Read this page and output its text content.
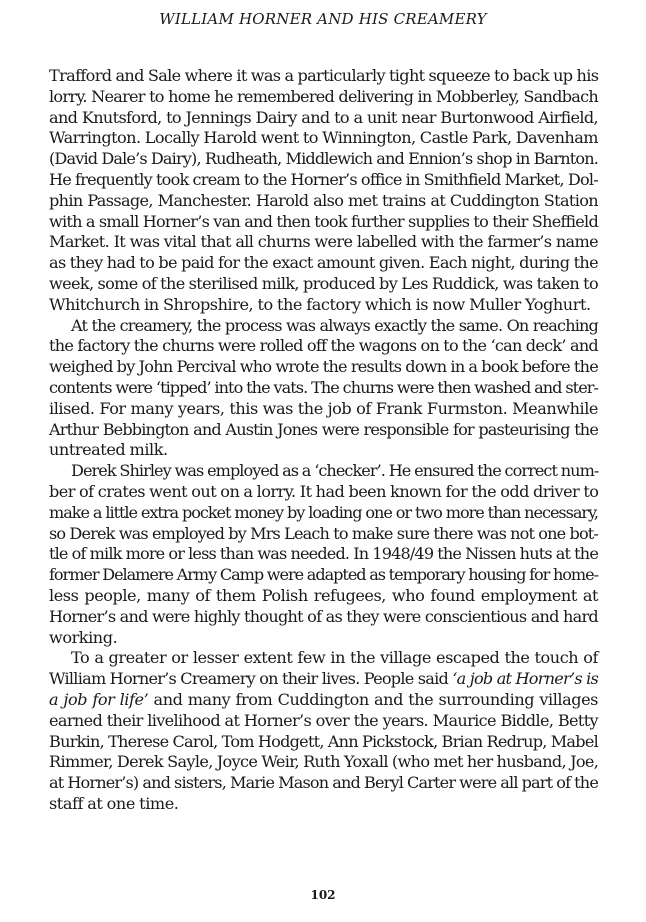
WILLIAM HORNER AND HIS CREAMERY
Trafford and Sale where it was a particularly tight squeeze to back up his
lorry. Nearer to home he remembered delivering in Mobberley, Sandbach
and Knutsford, to Jennings Dairy and to a unit near Burtonwood Airfield,
Warrington. Locally Harold went to Winnington, Castle Park, Davenham
(David Dale’s Dairy), Rudheath, Middlewich and Ennion’s shop in Barnton.
He frequently took cream to the Horner’s office in Smithfield Market, Dol-
phin Passage, Manchester. Harold also met trains at Cuddington Station
with a small Horner’s van and then took further supplies to their Sheffield
Market. It was vital that all churns were labelled with the farmer’s name
as they had to be paid for the exact amount given. Each night, during the
week, some of the sterilised milk, produced by Les Ruddick, was taken to
Whitchurch in Shropshire, to the factory which is now Muller Yoghurt.
At the creamery, the process was always exactly the same. On reaching
the factory the churns were rolled off the wagons on to the ‘can deck’ and
weighed by John Percival who wrote the results down in a book before the
contents were ‘tipped’ into the vats. The churns were then washed and ster-
ilised. For many years, this was the job of Frank Furmston. Meanwhile
Arthur Bebbington and Austin Jones were responsible for pasteurising the
untreated milk.
Derek Shirley was employed as a ‘checker’. He ensured the correct num-
ber of crates went out on a lorry. It had been known for the odd driver to
make a little extra pocket money by loading one or two more than necessary,
so Derek was employed by Mrs Leach to make sure there was not one bot-
tle of milk more or less than was needed. In 1948/49 the Nissen huts at the
former Delamere Army Camp were adapted as temporary housing for home-
less people, many of them Polish refugees, who found employment at
Horner’s and were highly thought of as they were conscientious and hard
working.
To a greater or lesser extent few in the village escaped the touch of
William Horner’s Creamery on their lives. People said ‘a job at Horner’s is
a job for life’ and many from Cuddington and the surrounding villages
earned their livelihood at Horner’s over the years. Maurice Biddle, Betty
Burkin, Therese Carol, Tom Hodgett, Ann Pickstock, Brian Redrup, Mabel
Rimmer, Derek Sayle, Joyce Weir, Ruth Yoxall (who met her husband, Joe,
at Horner’s) and sisters, Marie Mason and Beryl Carter were all part of the
staff at one time.
102
